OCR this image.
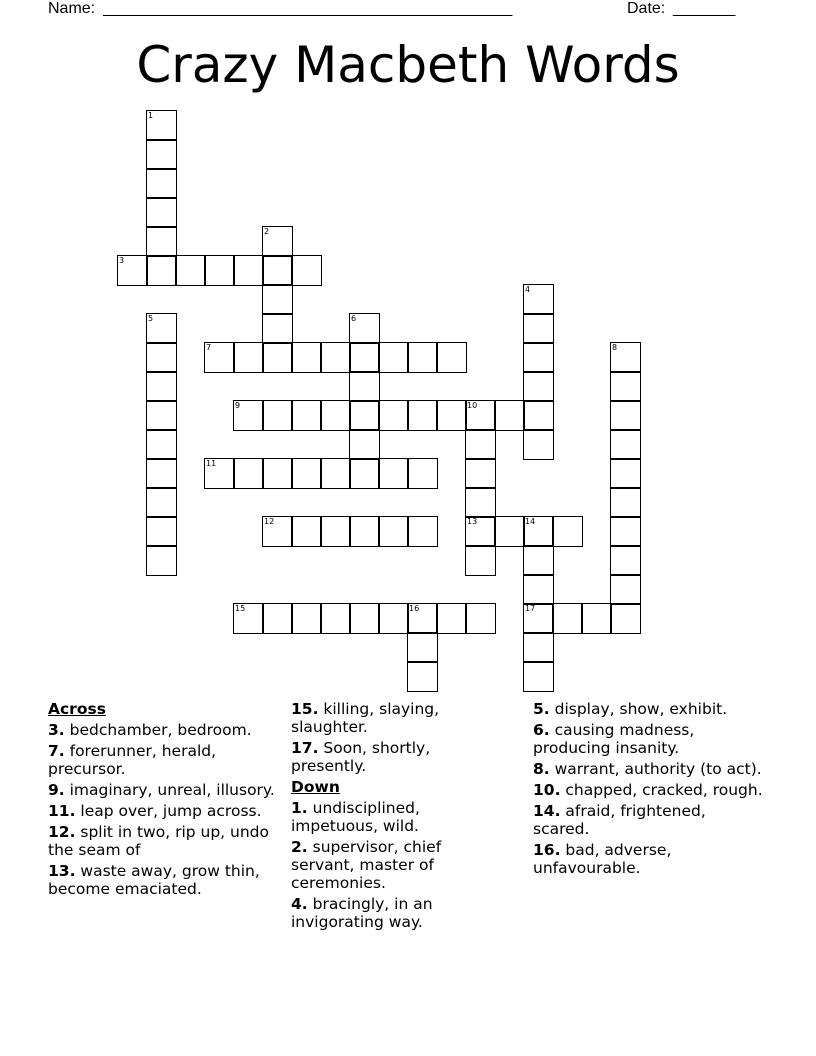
Name: ______________________________________________	Date: _______
Crazy Macbeth Words
1
2
3
4
5	6
7	8
9	10
11
12	13	14
15	16	17
Across
3. bedchamber, bedroom.
7. forerunner, herald, precursor.
9. imaginary, unreal, illusory.
11. leap over, jump across.
12. split in two, rip up, undo the seam of
13. waste away, grow thin, become emaciated.
15. killing, slaying, slaughter.
17. Soon, shortly, presently.
Down
1. undisciplined, impetuous, wild.
2. supervisor, chief servant, master of ceremonies.
4. bracingly, in an invigorating way.
5. display, show, exhibit.
6. causing madness, producing insanity.
8. warrant, authority (to act).
10. chapped, cracked, rough.
14. afraid, frightened, scared.
16. bad, adverse, unfavourable.
